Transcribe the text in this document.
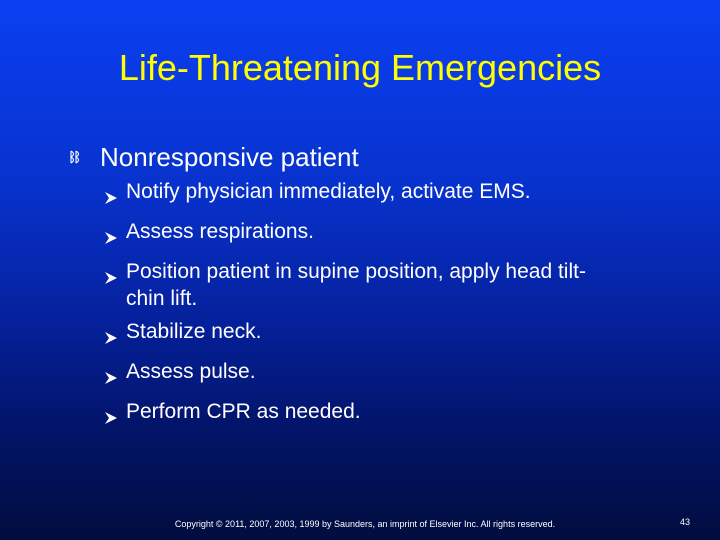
Life-Threatening Emergencies
Nonresponsive patient
Notify physician immediately, activate EMS.
Assess respirations.
Position patient in supine position, apply head tilt-chin lift.
Stabilize neck.
Assess pulse.
Perform CPR as needed.
Copyright © 2011, 2007, 2003, 1999 by Saunders, an imprint of Elsevier Inc. All rights reserved.	43
